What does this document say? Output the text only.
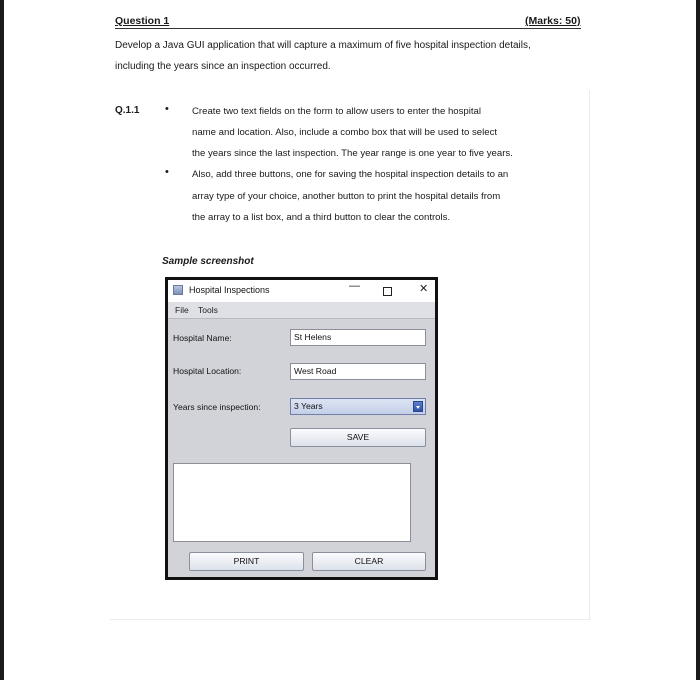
Question 1	(Marks: 50)
Develop a Java GUI application that will capture a maximum of five hospital inspection details,
including the years since an inspection occurred.
Q.1.1 •
•
Create two text fields on the form to allow users to enter the hospital
name and location. Also, include a combo box that will be used to select
the years since the last inspection. The year range is one year to five years.
Also, add three buttons, one for saving the hospital inspection details to an
array type of your choice, another button to print the hospital details from
the array to a list box, and a third button to clear the controls.
Sample screenshot
Hospital Inspections	—	✕
File Tools
Hospital Name:	St Helens
Hospital Location:	West Road
Years since inspection:	3 Years
SAVE
PRINT	CLEAR
